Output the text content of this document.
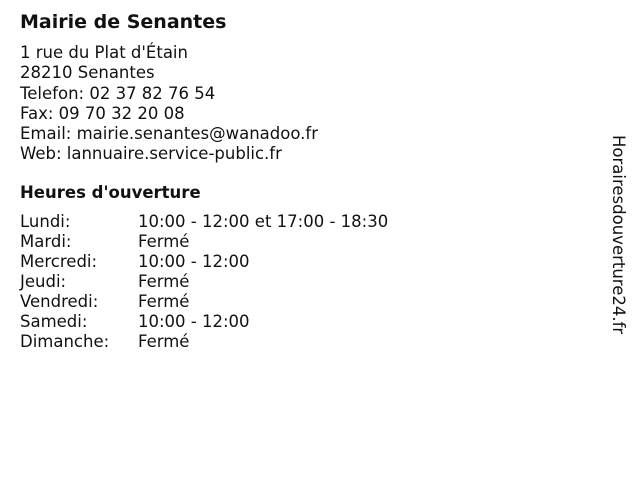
Mairie de Senantes
1 rue du Plat d'Étain
28210 Senantes
Telefon: 02 37 82 76 54
Fax: 09 70 32 20 08
Email: mairie.senantes@wanadoo.fr
Web: lannuaire.service-public.fr
Heures d'ouverture
Lundi:	10:00 - 12:00 et 17:00 - 18:30
Mardi:	Fermé
Mercredi:	10:00 - 12:00
Jeudi:	Fermé
Vendredi:	Fermé
Samedi:	10:00 - 12:00
Dimanche:	Fermé
Horairesdouverture24.fr
